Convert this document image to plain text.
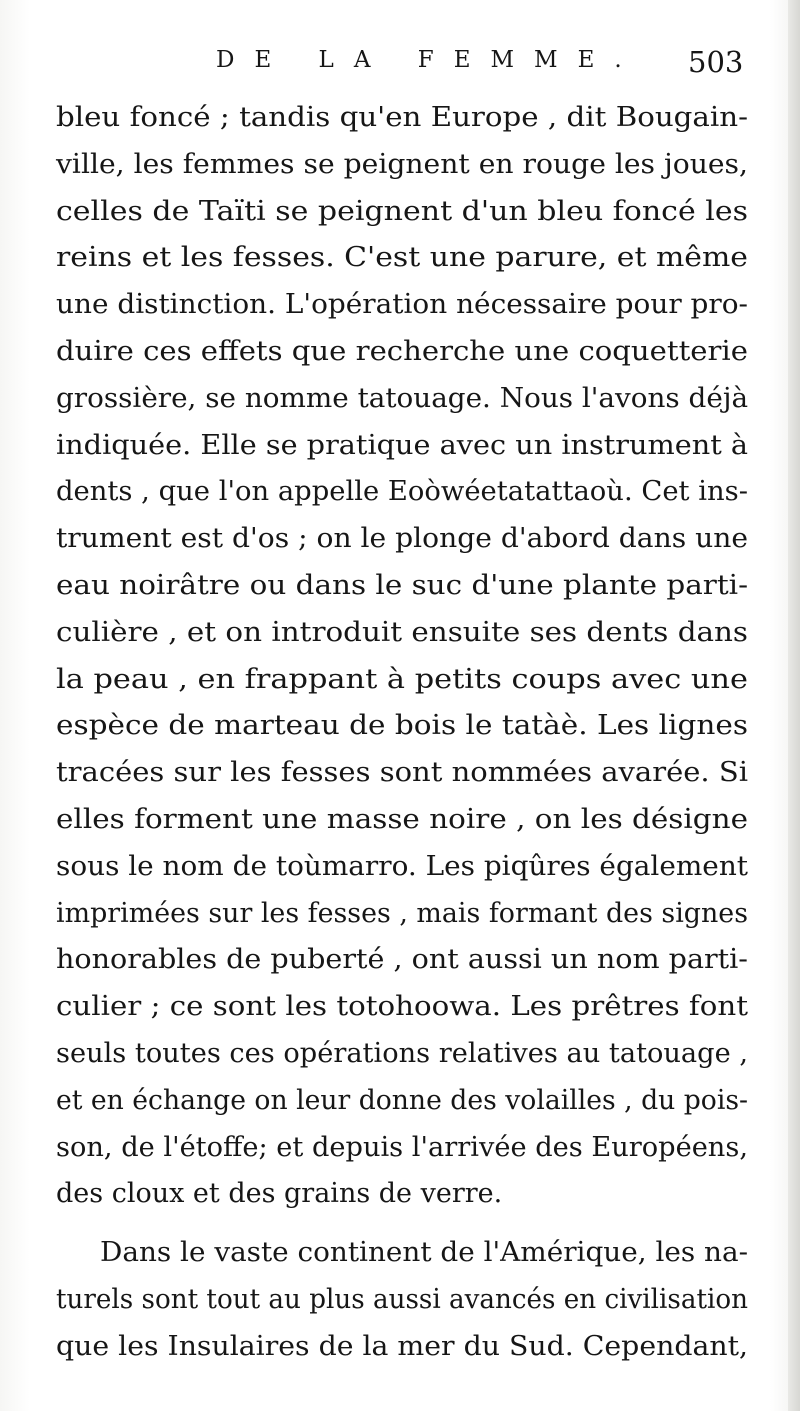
DE LA FEMME. 503
bleu foncé ; tandis qu'en Europe , dit Bougain-
ville, les femmes se peignent en rouge les joues,
celles de Taïti se peignent d'un bleu foncé les
reins et les fesses. C'est une parure, et même
une distinction. L'opération nécessaire pour pro-
duire ces effets que recherche une coquetterie
grossière, se nomme tatouage. Nous l'avons déjà
indiquée. Elle se pratique avec un instrument à
dents , que l'on appelle Eoòwéetatattaoù. Cet ins-
trument est d'os ; on le plonge d'abord dans une
eau noirâtre ou dans le suc d'une plante parti-
culière , et on introduit ensuite ses dents dans
la peau , en frappant à petits coups avec une
espèce de marteau de bois le tatàè. Les lignes
tracées sur les fesses sont nommées avarée. Si
elles forment une masse noire , on les désigne
sous le nom de toùmarro. Les piqûres également
imprimées sur les fesses , mais formant des signes
honorables de puberté , ont aussi un nom parti-
culier ; ce sont les totohoowa. Les prêtres font
seuls toutes ces opérations relatives au tatouage ,
et en échange on leur donne des volailles , du pois-
son, de l'étoffe; et depuis l'arrivée des Européens,
des cloux et des grains de verre.
Dans le vaste continent de l'Amérique, les na-
turels sont tout au plus aussi avancés en civilisation
que les Insulaires de la mer du Sud. Cependant,
